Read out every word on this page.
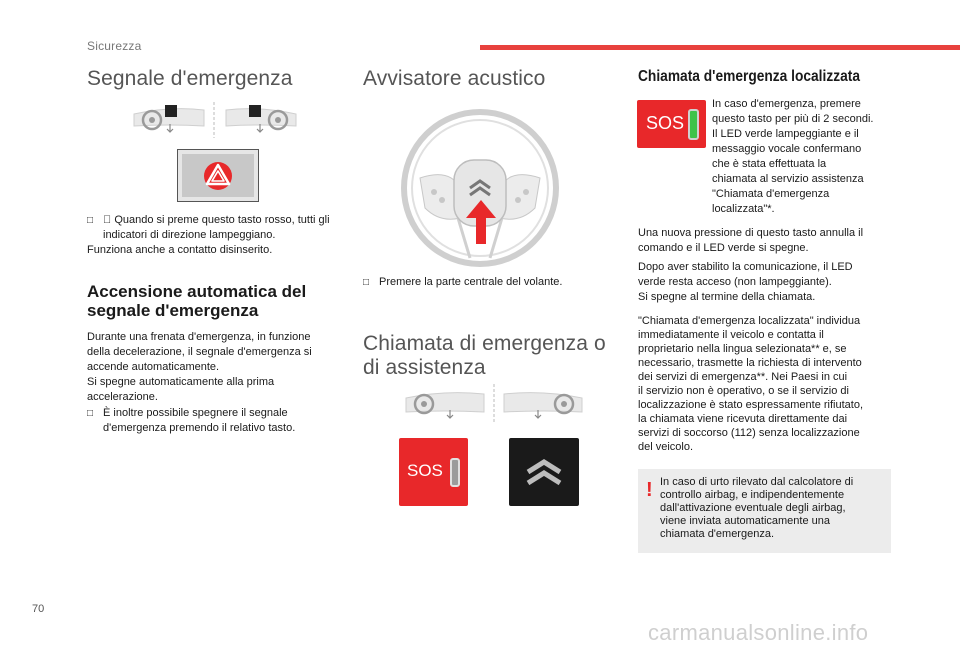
Sicurezza
70
carmanualsonline.info
Segnale d'emergenza

□ Quando si preme questo tasto rosso, tutti gli indicatori di direzione lampeggiano.
Funziona anche a contatto disinserito.
Accensione automatica del
segnale d'emergenza
Durante una frenata d'emergenza, in funzione
della decelerazione, il segnale d'emergenza si
accende automaticamente.
Si spegne automaticamente alla prima
accelerazione.
□ È inoltre possibile spegnere il segnale
d'emergenza premendo il relativo tasto.
Avvisatore acustico
□ Premere la parte centrale del volante.
Chiamata di emergenza o
di assistenza
SOS
Chiamata d'emergenza localizzata
SOS
In caso d'emergenza, premere
questo tasto per più di 2 secondi.
Il LED verde lampeggiante e il
messaggio vocale confermano
che è stata effettuata la
chiamata al servizio assistenza
"Chiamata d'emergenza
localizzata"*.
Una nuova pressione di questo tasto annulla il
comando e il LED verde si spegne.
Dopo aver stabilito la comunicazione, il LED
verde resta acceso (non lampeggiante).
Si spegne al termine della chiamata.
"Chiamata d'emergenza localizzata" individua
immediatamente il veicolo e contatta il
proprietario nella lingua selezionata** e, se
necessario, trasmette la richiesta di intervento
dei servizi di emergenza**. Nei Paesi in cui
il servizio non è operativo, o se il servizio di
localizzazione è stato espressamente rifiutato,
la chiamata viene ricevuta direttamente dai
servizi di soccorso (112) senza localizzazione
del veicolo.
! In caso di urto rilevato dal calcolatore di
controllo airbag, e indipendentemente
dall'attivazione eventuale degli airbag,
viene inviata automaticamente una
chiamata d'emergenza.
